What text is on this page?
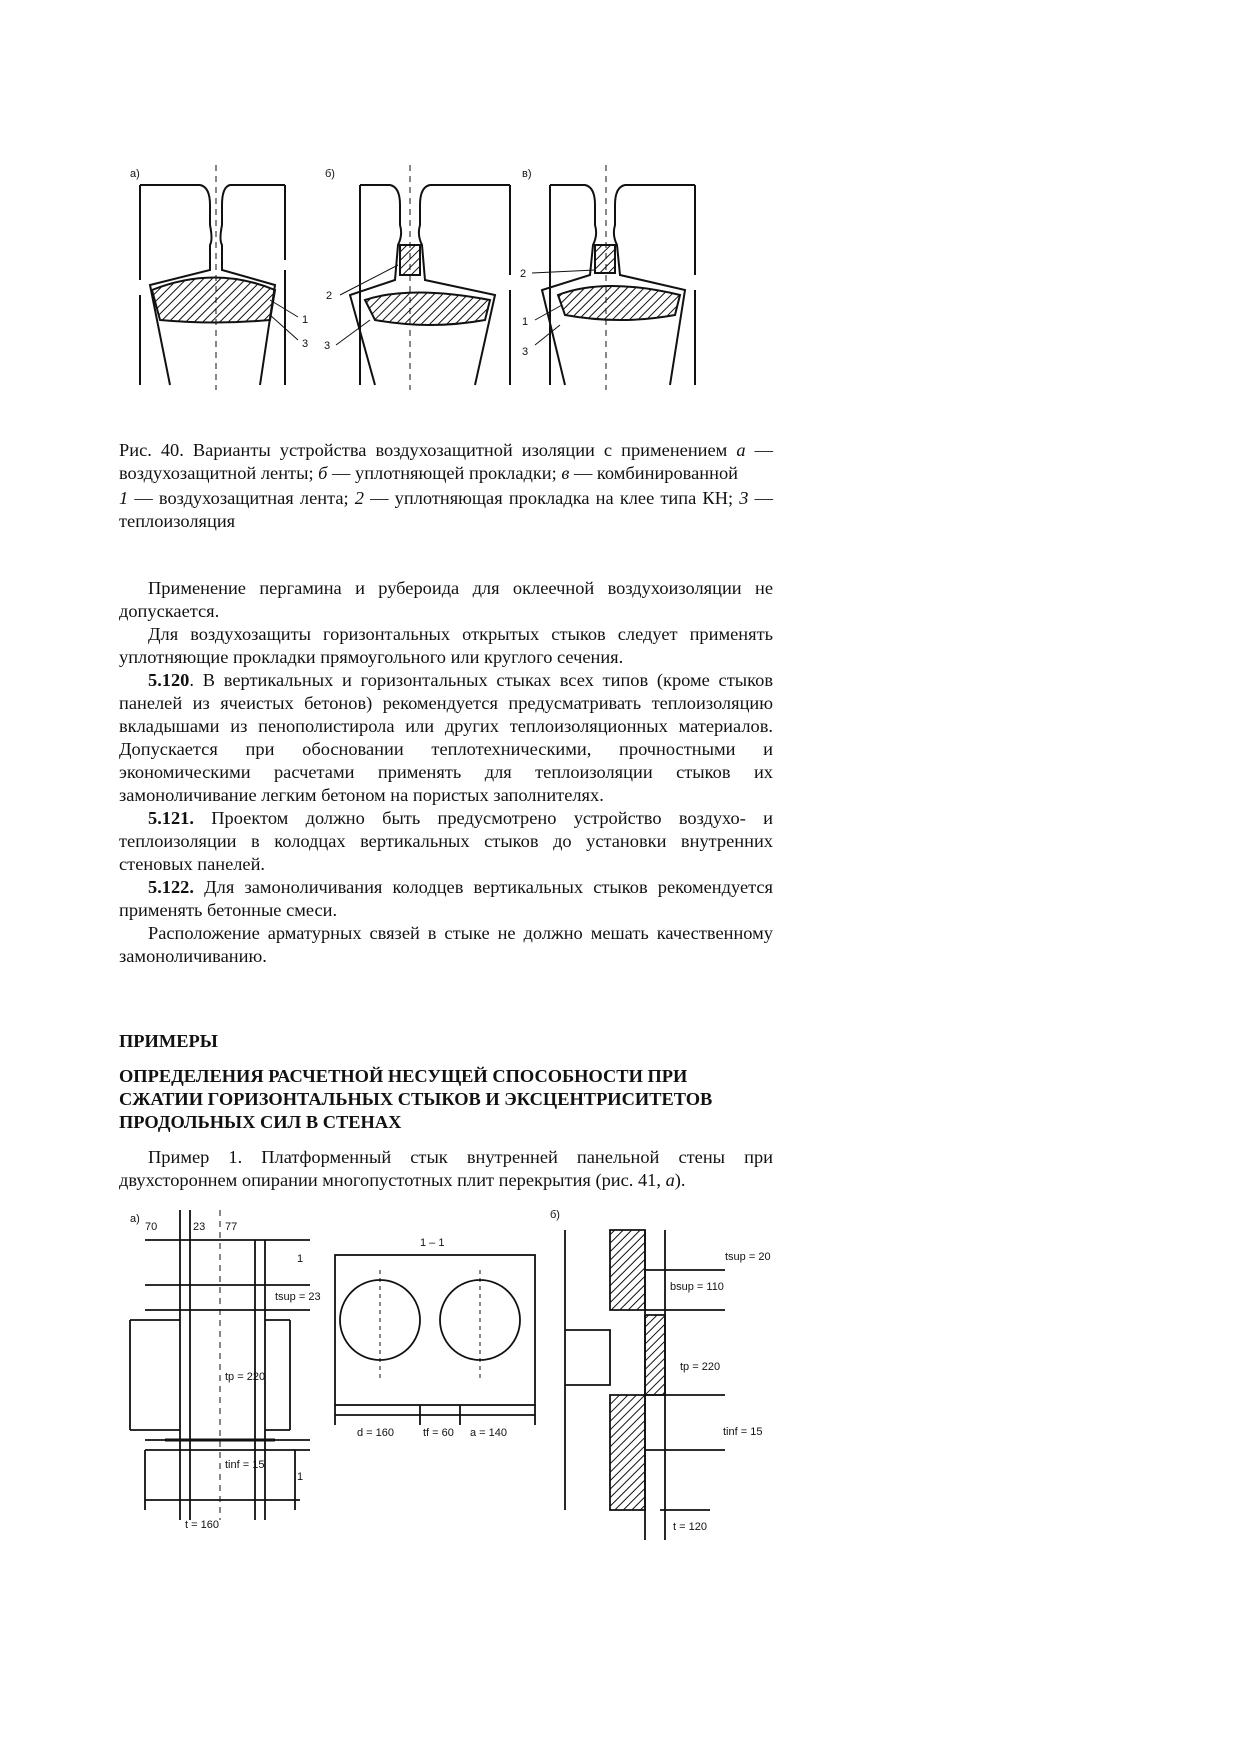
а)
1
3
б)
2
3
в)
2
1
3

Рис. 40. Варианты устройства воздухозащитной изоляции с применением а — воздухозащитной ленты; б — уплотняющей прокладки; в — комбинированной

1 — воздухозащитная лента; 2 — уплотняющая прокладка на клее типа КН; 3 — теплоизоляция

Применение пергамина и рубероида для оклеечной воздухоизоляции не допускается.

Для воздухозащиты горизонтальных открытых стыков следует применять уплотняющие прокладки прямоугольного или круглого сечения.

5.120. В вертикальных и горизонтальных стыках всех типов (кроме стыков панелей из ячеистых бетонов) рекомендуется предусматривать теплоизоляцию вкладышами из пенополистирола или других теплоизоляционных материалов. Допускается при обосновании теплотехническими, прочностными и экономическими расчетами применять для теплоизоляции стыков их замоноличивание легким бетоном на пористых заполнителях.

5.121. Проектом должно быть предусмотрено устройство воздухо- и теплоизоляции в колодцах вертикальных стыков до установки внутренних стеновых панелей.

5.122. Для замоноличивания колодцев вертикальных стыков рекомендуется применять бетонные смеси.

Расположение арматурных связей в стыке не должно мешать качественному замоноличиванию.

ПРИМЕРЫ
ОПРЕДЕЛЕНИЯ РАСЧЕТНОЙ НЕСУЩЕЙ СПОСОБНОСТИ ПРИ СЖАТИИ ГОРИЗОНТАЛЬНЫХ СТЫКОВ И ЭКСЦЕНТРИСИТЕТОВ ПРОДОЛЬНЫХ СИЛ В СТЕНАХ

Пример 1. Платформенный стык внутренней панельной стены при двухстороннем опирании многопустотных плит перекрытия (рис. 41, а).

а)
70	23 77
tsup = 23
tp = 220
tinf = 15
t = 160
1
1
1 – 1
d = 160	tf = 60 a = 140
б)
bsup = 110
tsup = 20
tp = 220
tinf = 15
t = 120
